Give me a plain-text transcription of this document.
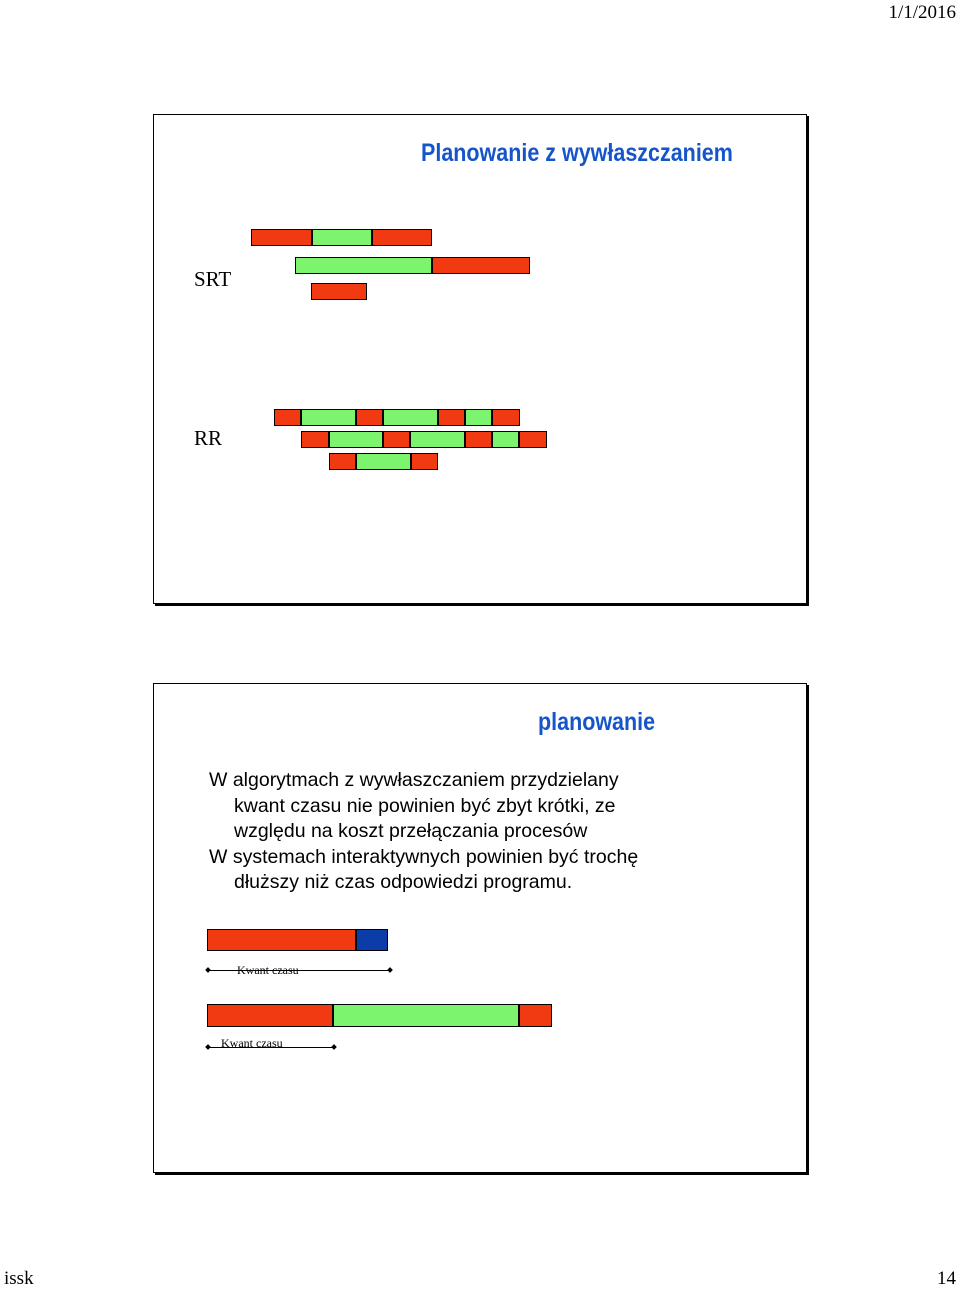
1/1/2016
Planowanie z wywłaszczaniem
SRT
RR
planowanie

W algorytmach z wywłaszczaniem przydzielany
kwant czasu nie powinien być zbyt krótki, ze
względu na koszt przełączania procesów

W systemach interaktywnych powinien być trochę
dłuższy niż czas odpowiedzi programu.

Kwant czasu
Kwant czasu
issk	14
